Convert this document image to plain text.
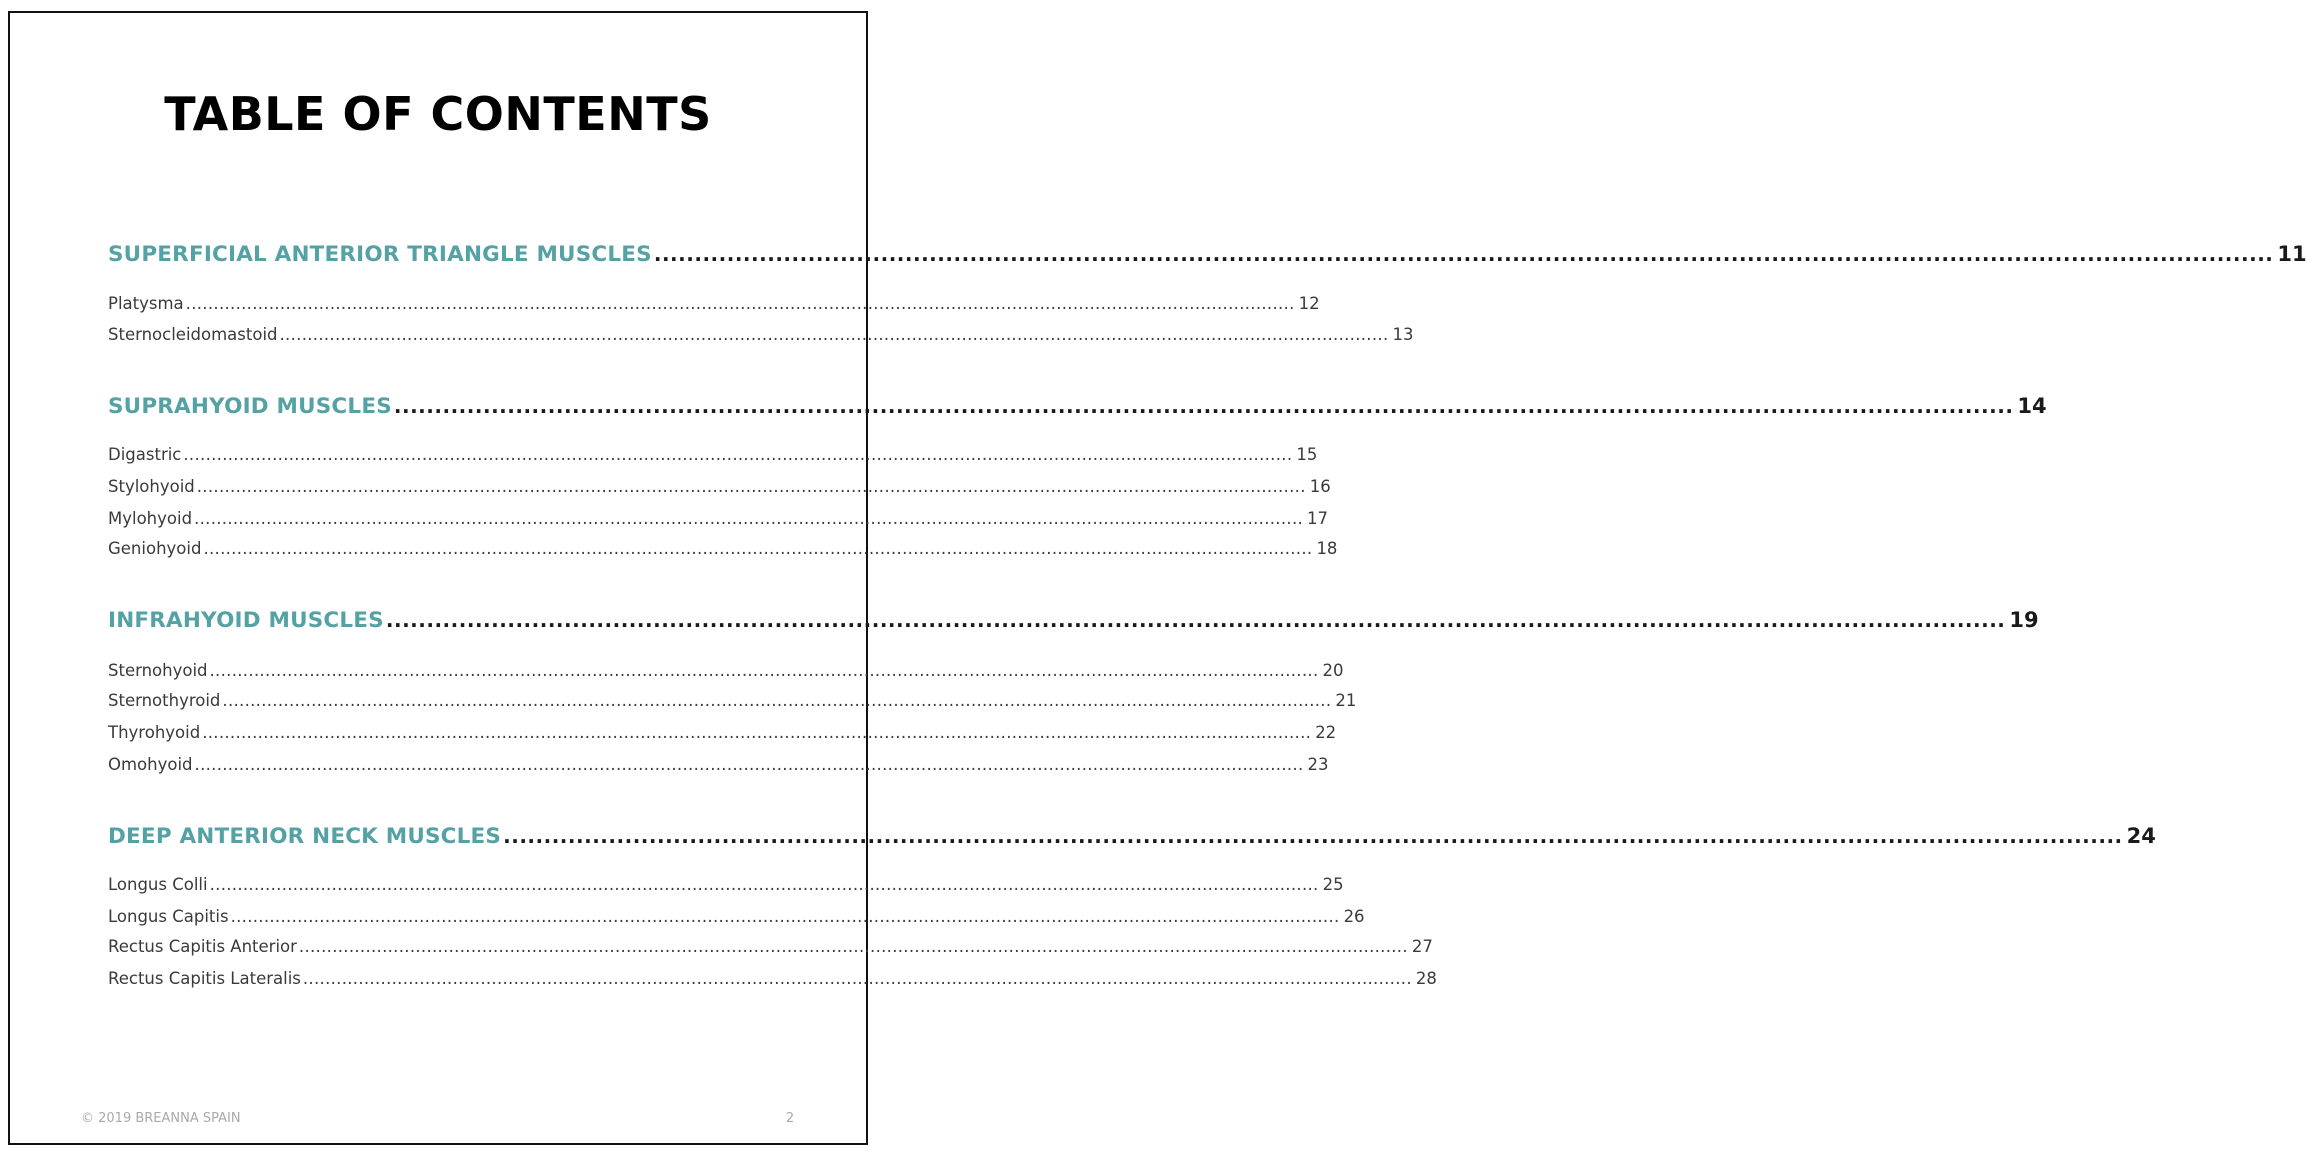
TABLE OF CONTENTS
SUPERFICIAL ANTERIOR TRIANGLE MUSCLES ........................................................................................................................................................................................................ 11
Platysma ........................................................................................................................................................................................................ 12
Sternocleidomastoid ........................................................................................................................................................................................................ 13
SUPRAHYOID MUSCLES ........................................................................................................................................................................................................ 14
Digastric ........................................................................................................................................................................................................ 15
Stylohyoid ........................................................................................................................................................................................................ 16
Mylohyoid ........................................................................................................................................................................................................ 17
Geniohyoid ........................................................................................................................................................................................................ 18
INFRAHYOID MUSCLES ........................................................................................................................................................................................................ 19
Sternohyoid ........................................................................................................................................................................................................ 20
Sternothyroid ........................................................................................................................................................................................................ 21
Thyrohyoid ........................................................................................................................................................................................................ 22
Omohyoid ........................................................................................................................................................................................................ 23
DEEP ANTERIOR NECK MUSCLES ........................................................................................................................................................................................................ 24
Longus Colli ........................................................................................................................................................................................................ 25
Longus Capitis ........................................................................................................................................................................................................ 26
Rectus Capitis Anterior ........................................................................................................................................................................................................ 27
Rectus Capitis Lateralis ........................................................................................................................................................................................................ 28
© 2019 BREANNA SPAIN	2
